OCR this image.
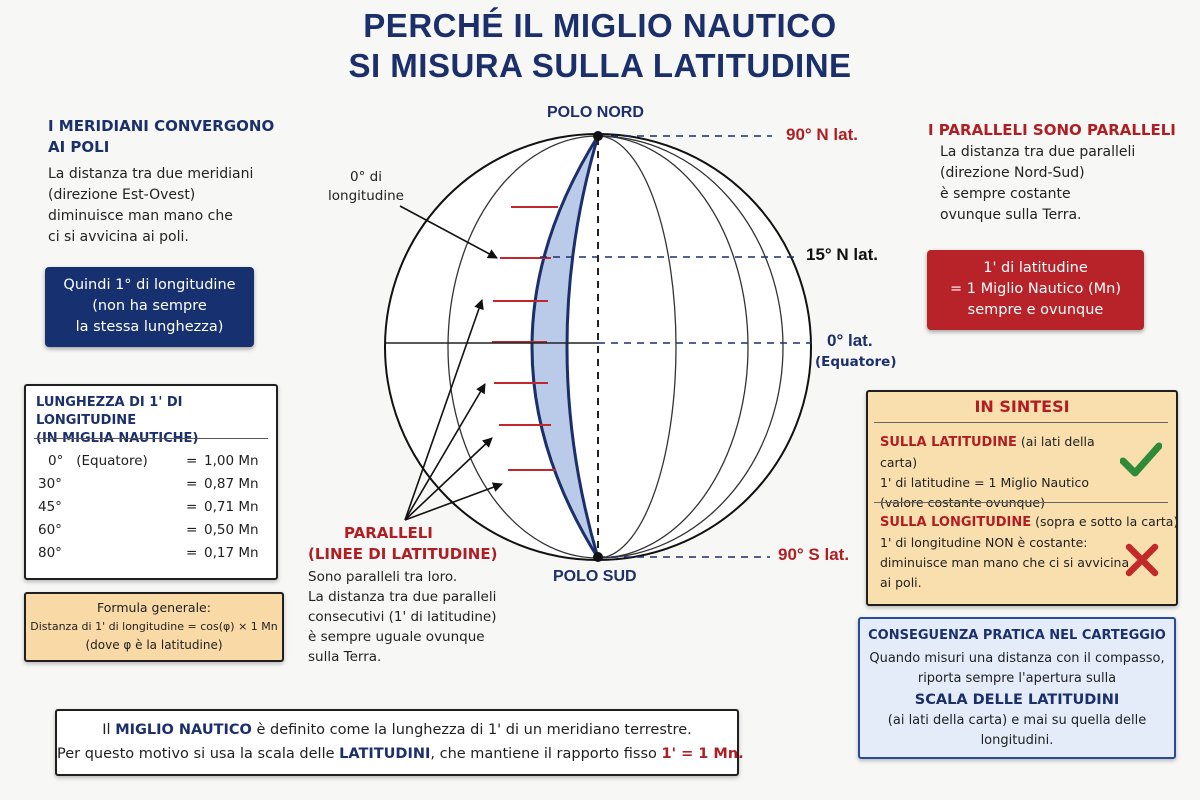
PERCHÉ IL MIGLIO NAUTICO
SI MISURA SULLA LATITUDINE
I MERIDIANI CONVERGONO
AI POLI
La distanza tra due meridiani
(direzione Est-Ovest)
diminuisce man mano che
ci si avvicina ai poli.
Quindi 1° di longitudine
(non ha sempre
la stessa lunghezza)
LUNGHEZZA DI 1' DI LONGITUDINE
(IN MIGLIA NAUTICHE)
0°   (Equatore)	= 1,00 Mn
30°	= 0,87 Mn
45°	= 0,71 Mn
60°	= 0,50 Mn
80°	= 0,17 Mn
Formula generale:
Distanza di 1' di longitudine = cos(φ) × 1 Mn
(dove φ è la latitudine)
POLO NORD
POLO SUD
90° N lat.
15° N lat.
0° lat.
(Equatore)
90° S lat.
0° di
longitudine
PARALLELI
(LINEE DI LATITUDINE)
Sono paralleli tra loro.
La distanza tra due paralleli
consecutivi (1' di latitudine)
è sempre uguale ovunque
sulla Terra.
I PARALLELI SONO PARALLELI
La distanza tra due paralleli
(direzione Nord-Sud)
è sempre costante
ovunque sulla Terra.
1' di latitudine
= 1 Miglio Nautico (Mn)
sempre e ovunque
IN SINTESI
SULLA LATITUDINE (ai lati della carta)
1' di latitudine = 1 Miglio Nautico
(valore costante ovunque)
SULLA LONGITUDINE (sopra e sotto la carta)
1' di longitudine NON è costante:
diminuisce man mano che ci si avvicina
ai poli.
CONSEGUENZA PRATICA NEL CARTEGGIO
Quando misuri una distanza con il compasso,
riporta sempre l'apertura sulla
SCALA DELLE LATITUDINI
(ai lati della carta) e mai su quella delle
longitudini.
Il MIGLIO NAUTICO è definito come la lunghezza di 1' di un meridiano terrestre.
Per questo motivo si usa la scala delle LATITUDINI, che mantiene il rapporto fisso 1' = 1 Mn.
